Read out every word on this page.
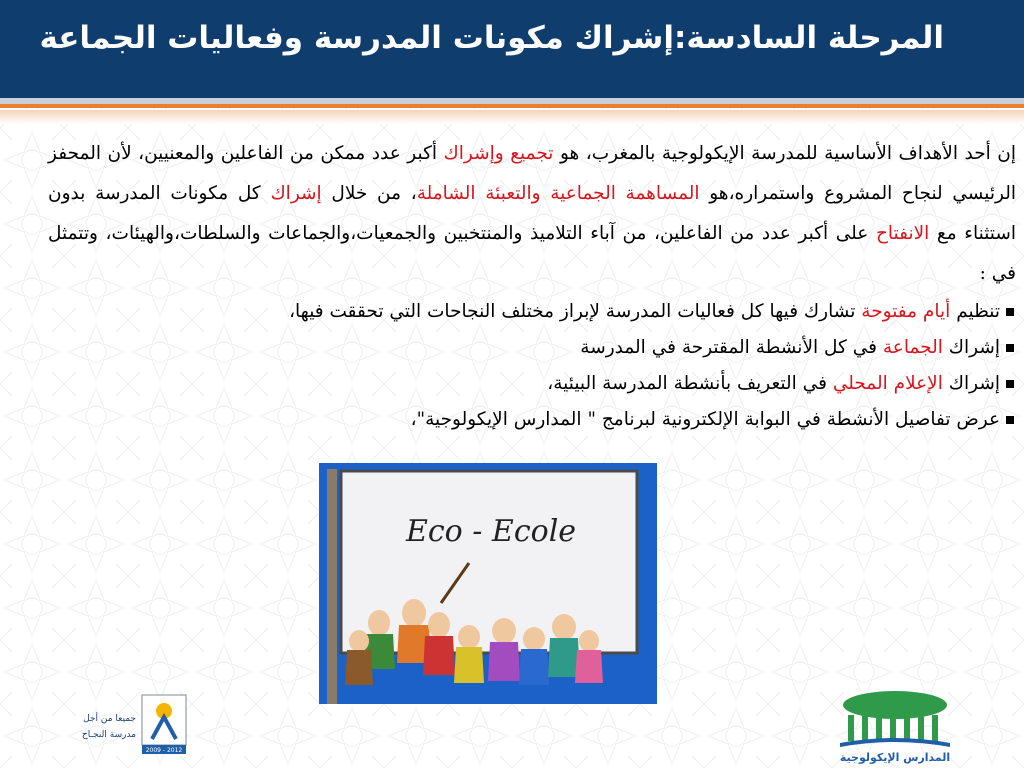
المرحلة السادسة:إشراك مكونات المدرسة وفعاليات الجماعة

إن أحد الأهداف الأساسية للمدرسة الإيكولوجية بالمغرب، هو تجميع وإشراك أكبر عدد ممكن من الفاعلين والمعنيين، لأن المحفز الرئيسي لنجاح المشروع واستمراره،هو المساهمة الجماعية والتعبئة الشاملة، من خلال إشراك كل مكونات المدرسة بدون استثناء مع الانفتاح على أكبر عدد من الفاعلين، من آباء التلاميذ والمنتخبين والجمعيات،والجماعات والسلطات،والهيئات، وتتمثل في :

تنظيم أيام مفتوحة تشارك فيها كل فعاليات المدرسة لإبراز مختلف النجاحات التي تحققت فيها،
إشراك الجماعة في كل الأنشطة المقترحة في المدرسة
إشراك الإعلام المحلي في التعريف بأنشطة المدرسة البيئية،
عرض تفاصيل الأنشطة في البوابة الإلكترونية لبرنامج " المدارس الإيكولوجية"،
Eco - Ecole
2009 - 2012
جميعا من أجل
مدرسة النجـاح
المدارس الإيكولوجية
